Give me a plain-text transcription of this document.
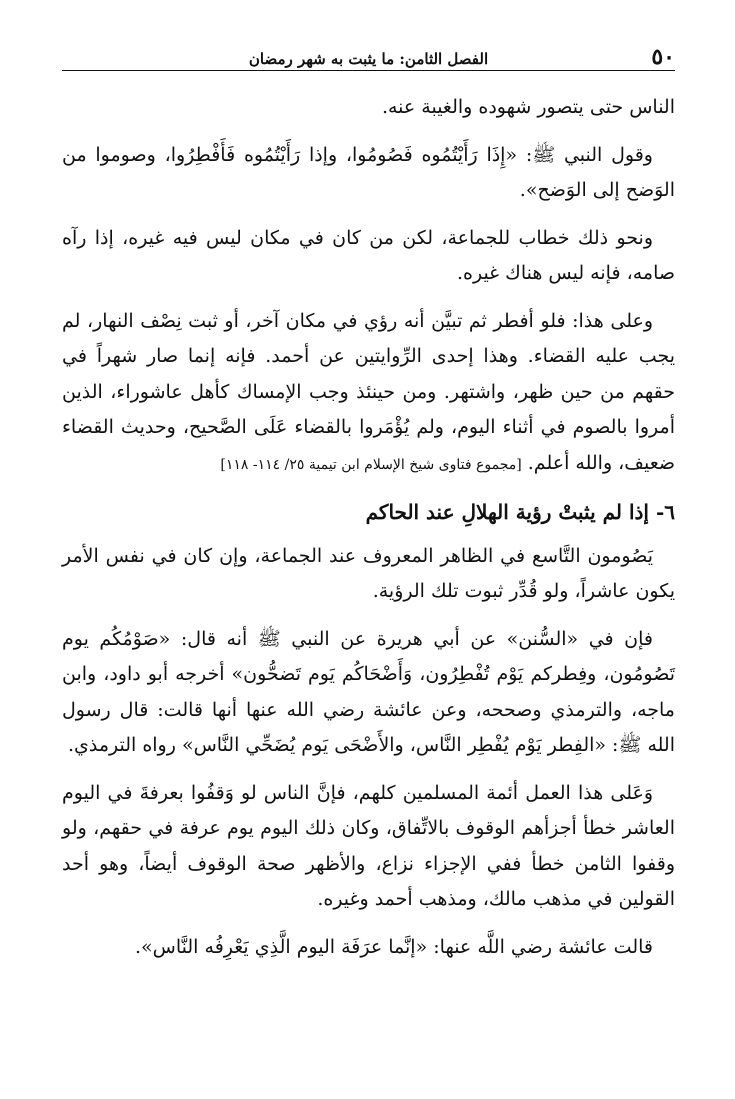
٥٠
الفصل الثامن: ما يثبت به شهر رمضان

الناس حتى يتصور شهوده والغيبة عنه.

وقول النبي ﷺ: «إِذَا رَأَيْتُمُوه فَصُومُوا، وإذا رَأَيْتُمُوه فَأَفْطِرُوا، وصوموا من الوَضح إلى الوَضح».

ونحو ذلك خطاب للجماعة، لكن من كان في مكان ليس فيه غيره، إذا رآه صامه، فإنه ليس هناك غيره.

وعلى هذا: فلو أفطر ثم تبيَّن أنه رؤي في مكان آخر، أو ثبت نِصْف النهار، لم يجب عليه القضاء. وهذا إحدى الرِّوايتين عن أحمد. فإنه إنما صار شهراً في حقهم من حين ظهر، واشتهر. ومن حينئذ وجب الإمساك كأهل عاشوراء، الذين أمروا بالصوم في أثناء اليوم، ولم يُؤْمَروا بالقضاء عَلَى الصَّحيح، وحديث القضاء ضعيف، والله أعلم. [مجموع فتاوى شيخ الإسلام ابن تيمية ٢٥/ ١١٤- ١١٨]

٦- إذا لم يثبتْ رؤية الهلالِ عند الحاكم

يَصُومون التَّاسع في الظاهر المعروف عند الجماعة، وإن كان في نفس الأمر يكون عاشراً، ولو قُدِّر ثبوت تلك الرؤية.

فإن في «السُّنن» عن أبي هريرة عن النبي ﷺ أنه قال: «صَوْمُكُم يوم تَصُومُون، وفِطركم يَوْم تُفْطِرُون، وَأَضْحَاكُم يَوم تَضحُّون» أخرجه أبو داود، وابن ماجه، والترمذي وصححه، وعن عائشة رضي الله عنها أنها قالت: قال رسول الله ﷺ: «الفِطر يَوْم يُفْطِر النَّاس، والأَضْحَى يَوم يُضَحِّي النَّاس» رواه الترمذي.

وَعَلى هذا العمل أئمة المسلمين كلهم، فإنَّ الناس لو وَقفُوا بعرفةَ في اليوم العاشر خطأ أجزأهم الوقوف بالاتِّفاق، وكان ذلك اليوم يوم عرفة في حقهم، ولو وقفوا الثامن خطأ ففي الإجزاء نزاع، والأظهر صحة الوقوف أيضاً، وهو أحد القولين في مذهب مالك، ومذهب أحمد وغيره.

قالت عائشة رضي اللَّه عنها: «إنَّما عرَفَة اليوم الَّذِي يَعْرِفُه النَّاس».
